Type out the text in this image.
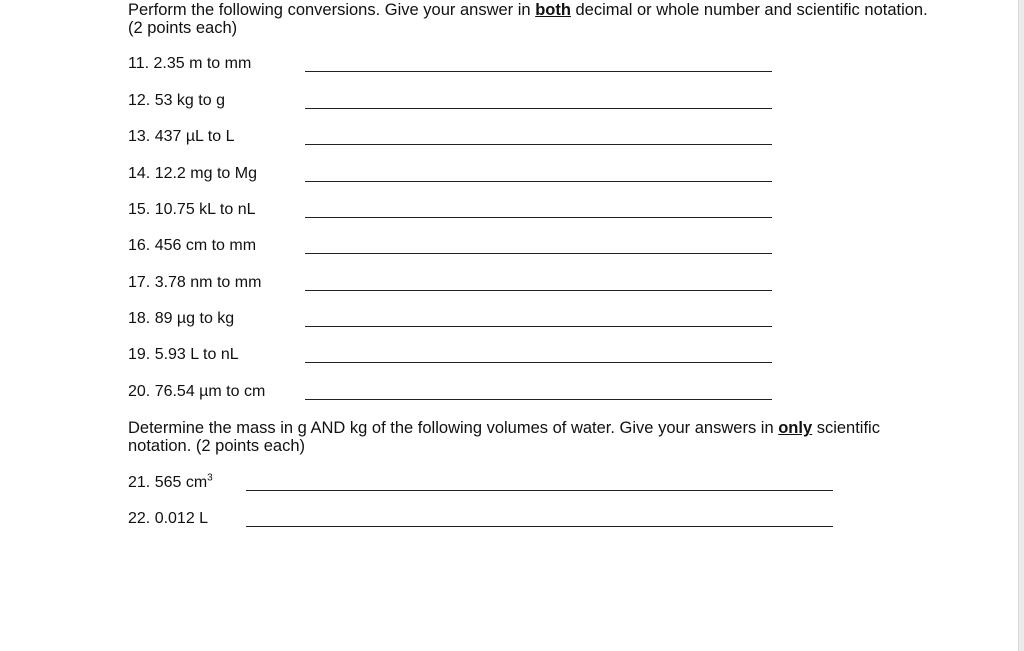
Perform the following conversions. Give your answer in both decimal or whole number and scientific notation. (2 points each)

11. 2.35 m to mm
12. 53 kg to g
13. 437 µL to L
14. 12.2 mg to Mg
15. 10.75 kL to nL
16. 456 cm to mm
17. 3.78 nm to mm
18. 89 µg to kg
19. 5.93 L to nL
20. 76.54 µm to cm

Determine the mass in g AND kg of the following volumes of water. Give your answers in only scientific notation. (2 points each)

21. 565 $cm^3$
22. 0.012 L
